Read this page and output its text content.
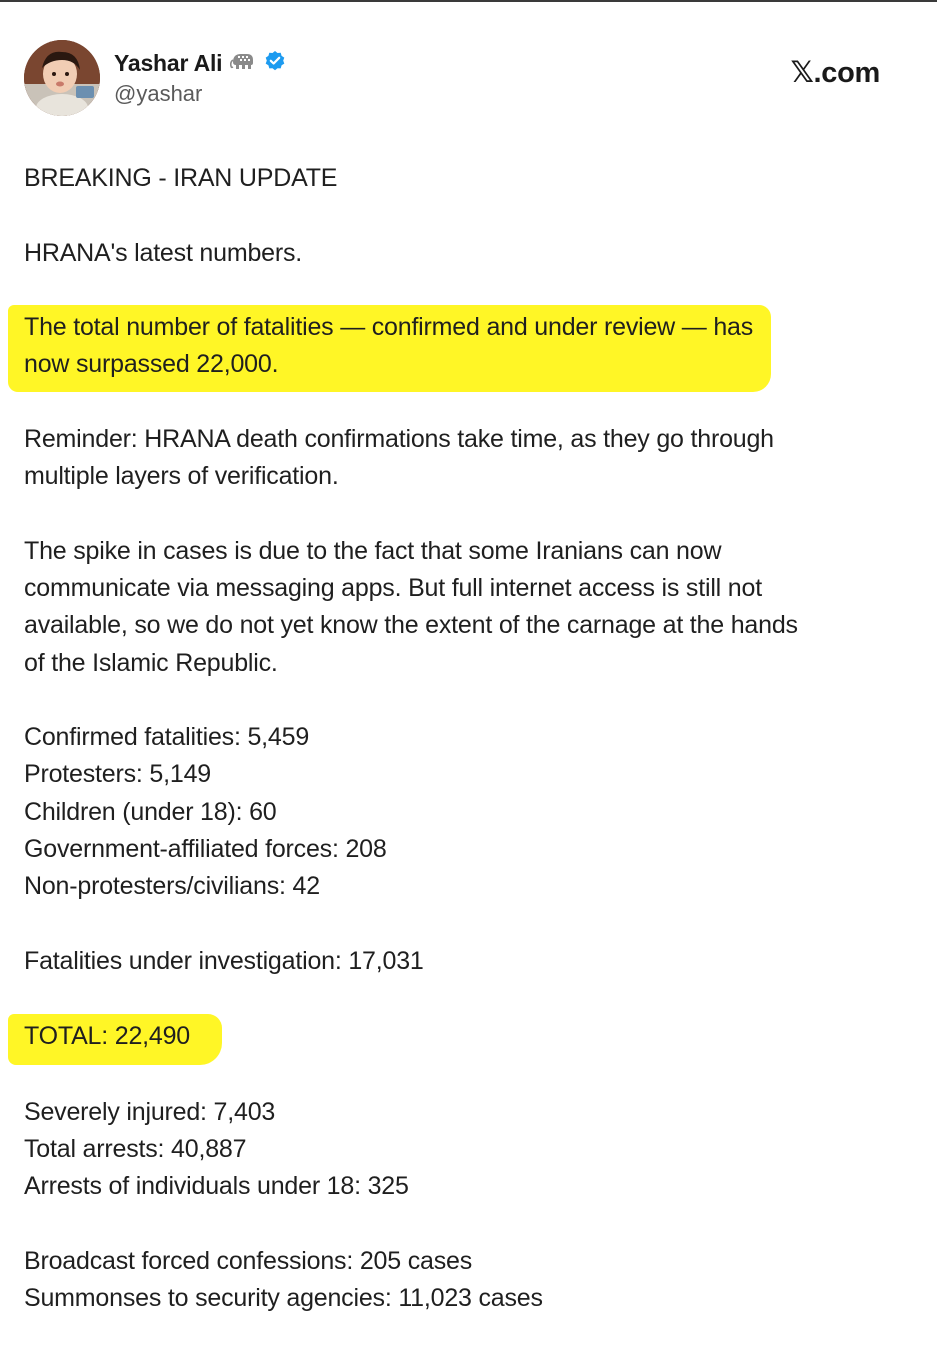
Yashar Ali
@yashar
𝕏.com
BREAKING - IRAN UPDATE
HRANA's latest numbers.
The total number of fatalities — confirmed and under review — has
now surpassed 22,000.
Reminder: HRANA death confirmations take time, as they go through
multiple layers of verification.
The spike in cases is due to the fact that some Iranians can now
communicate via messaging apps. But full internet access is still not
available, so we do not yet know the extent of the carnage at the hands
of the Islamic Republic.
Confirmed fatalities: 5,459
Protesters: 5,149
Children (under 18): 60
Government-affiliated forces: 208
Non-protesters/civilians: 42
Fatalities under investigation: 17,031
TOTAL: 22,490
Severely injured: 7,403
Total arrests: 40,887
Arrests of individuals under 18: 325
Broadcast forced confessions: 205 cases
Summonses to security agencies: 11,023 cases
